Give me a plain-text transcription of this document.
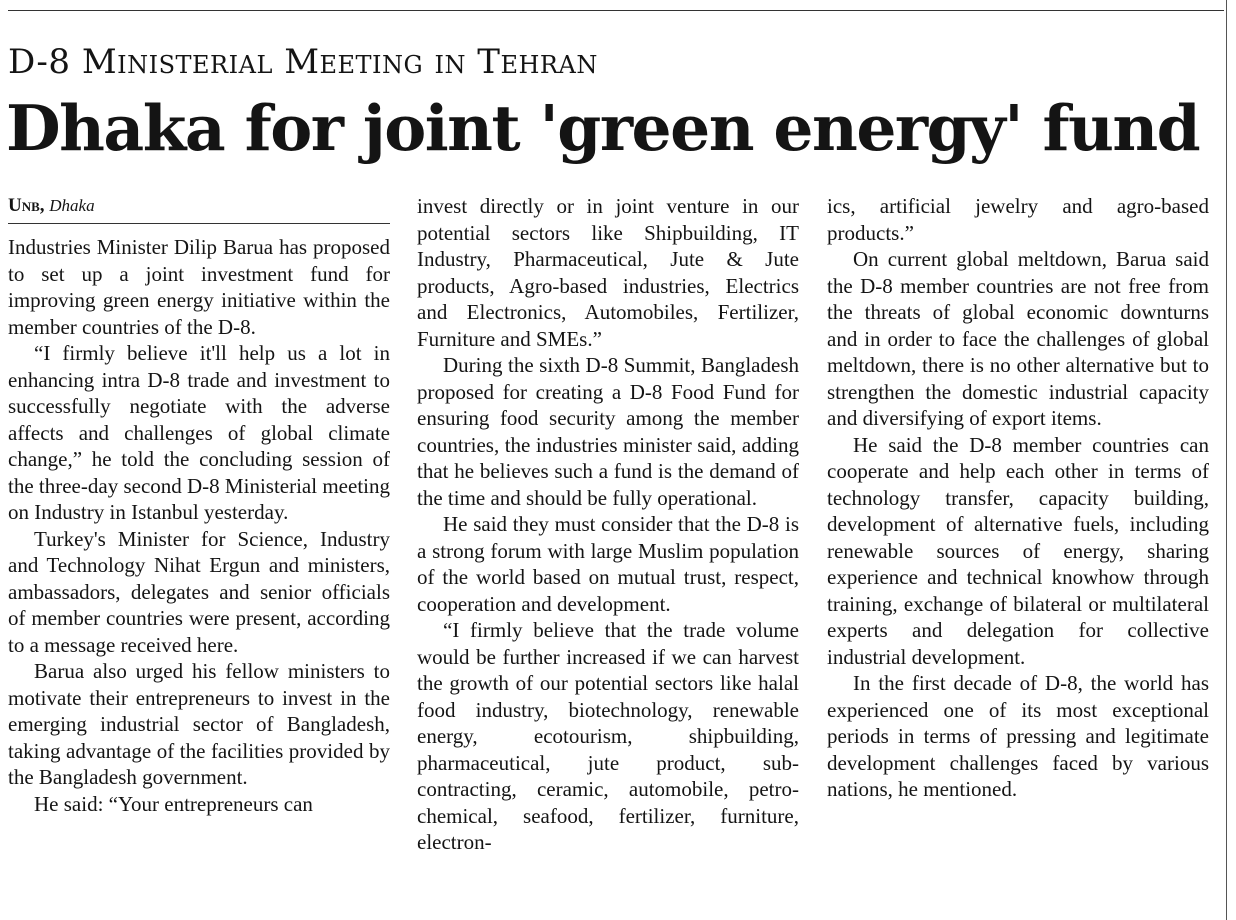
D-8 Ministerial Meeting in Tehran
Dhaka for joint 'green energy' fund
Unb, Dhaka

Industries Minister Dilip Barua has proposed to set up a joint investment fund for improving green energy initiative within the member countries of the D-8.

“I firmly believe it'll help us a lot in enhancing intra D-8 trade and investment to successfully negotiate with the adverse affects and challenges of global climate change,” he told the concluding session of the three-day second D-8 Ministerial meeting on Industry in Istanbul yesterday.

Turkey's Minister for Science, Industry and Technology Nihat Ergun and ministers, ambassadors, delegates and senior officials of member countries were present, according to a message received here.

Barua also urged his fellow ministers to motivate their entrepreneurs to invest in the emerging industrial sector of Bangladesh, taking advantage of the facilities provided by the Bangladesh government.

He said: “Your entrepreneurs can

invest directly or in joint venture in our potential sectors like Shipbuilding, IT Industry, Pharmaceutical, Jute & Jute products, Agro-based industries, Electrics and Electronics, Automobiles, Fertilizer, Furniture and SMEs.”

During the sixth D-8 Summit, Bangladesh proposed for creating a D-8 Food Fund for ensuring food security among the member countries, the industries minister said, adding that he believes such a fund is the demand of the time and should be fully operational.

He said they must consider that the D-8 is a strong forum with large Muslim population of the world based on mutual trust, respect, cooperation and development.

“I firmly believe that the trade volume would be further increased if we can harvest the growth of our potential sectors like halal food industry, biotechnology, renewable energy, ecotourism, shipbuilding, pharmaceutical, jute product, sub-contracting, ceramic, automobile, petro-chemical, seafood, fertilizer, furniture, electron-

ics, artificial jewelry and agro-based products.”

On current global meltdown, Barua said the D-8 member countries are not free from the threats of global economic downturns and in order to face the challenges of global meltdown, there is no other alternative but to strengthen the domestic industrial capacity and diversifying of export items.

He said the D-8 member countries can cooperate and help each other in terms of technology transfer, capacity building, development of alternative fuels, including renewable sources of energy, sharing experience and technical knowhow through training, exchange of bilateral or multilateral experts and delegation for collective industrial development.

In the first decade of D-8, the world has experienced one of its most exceptional periods in terms of pressing and legitimate development challenges faced by various nations, he mentioned.
